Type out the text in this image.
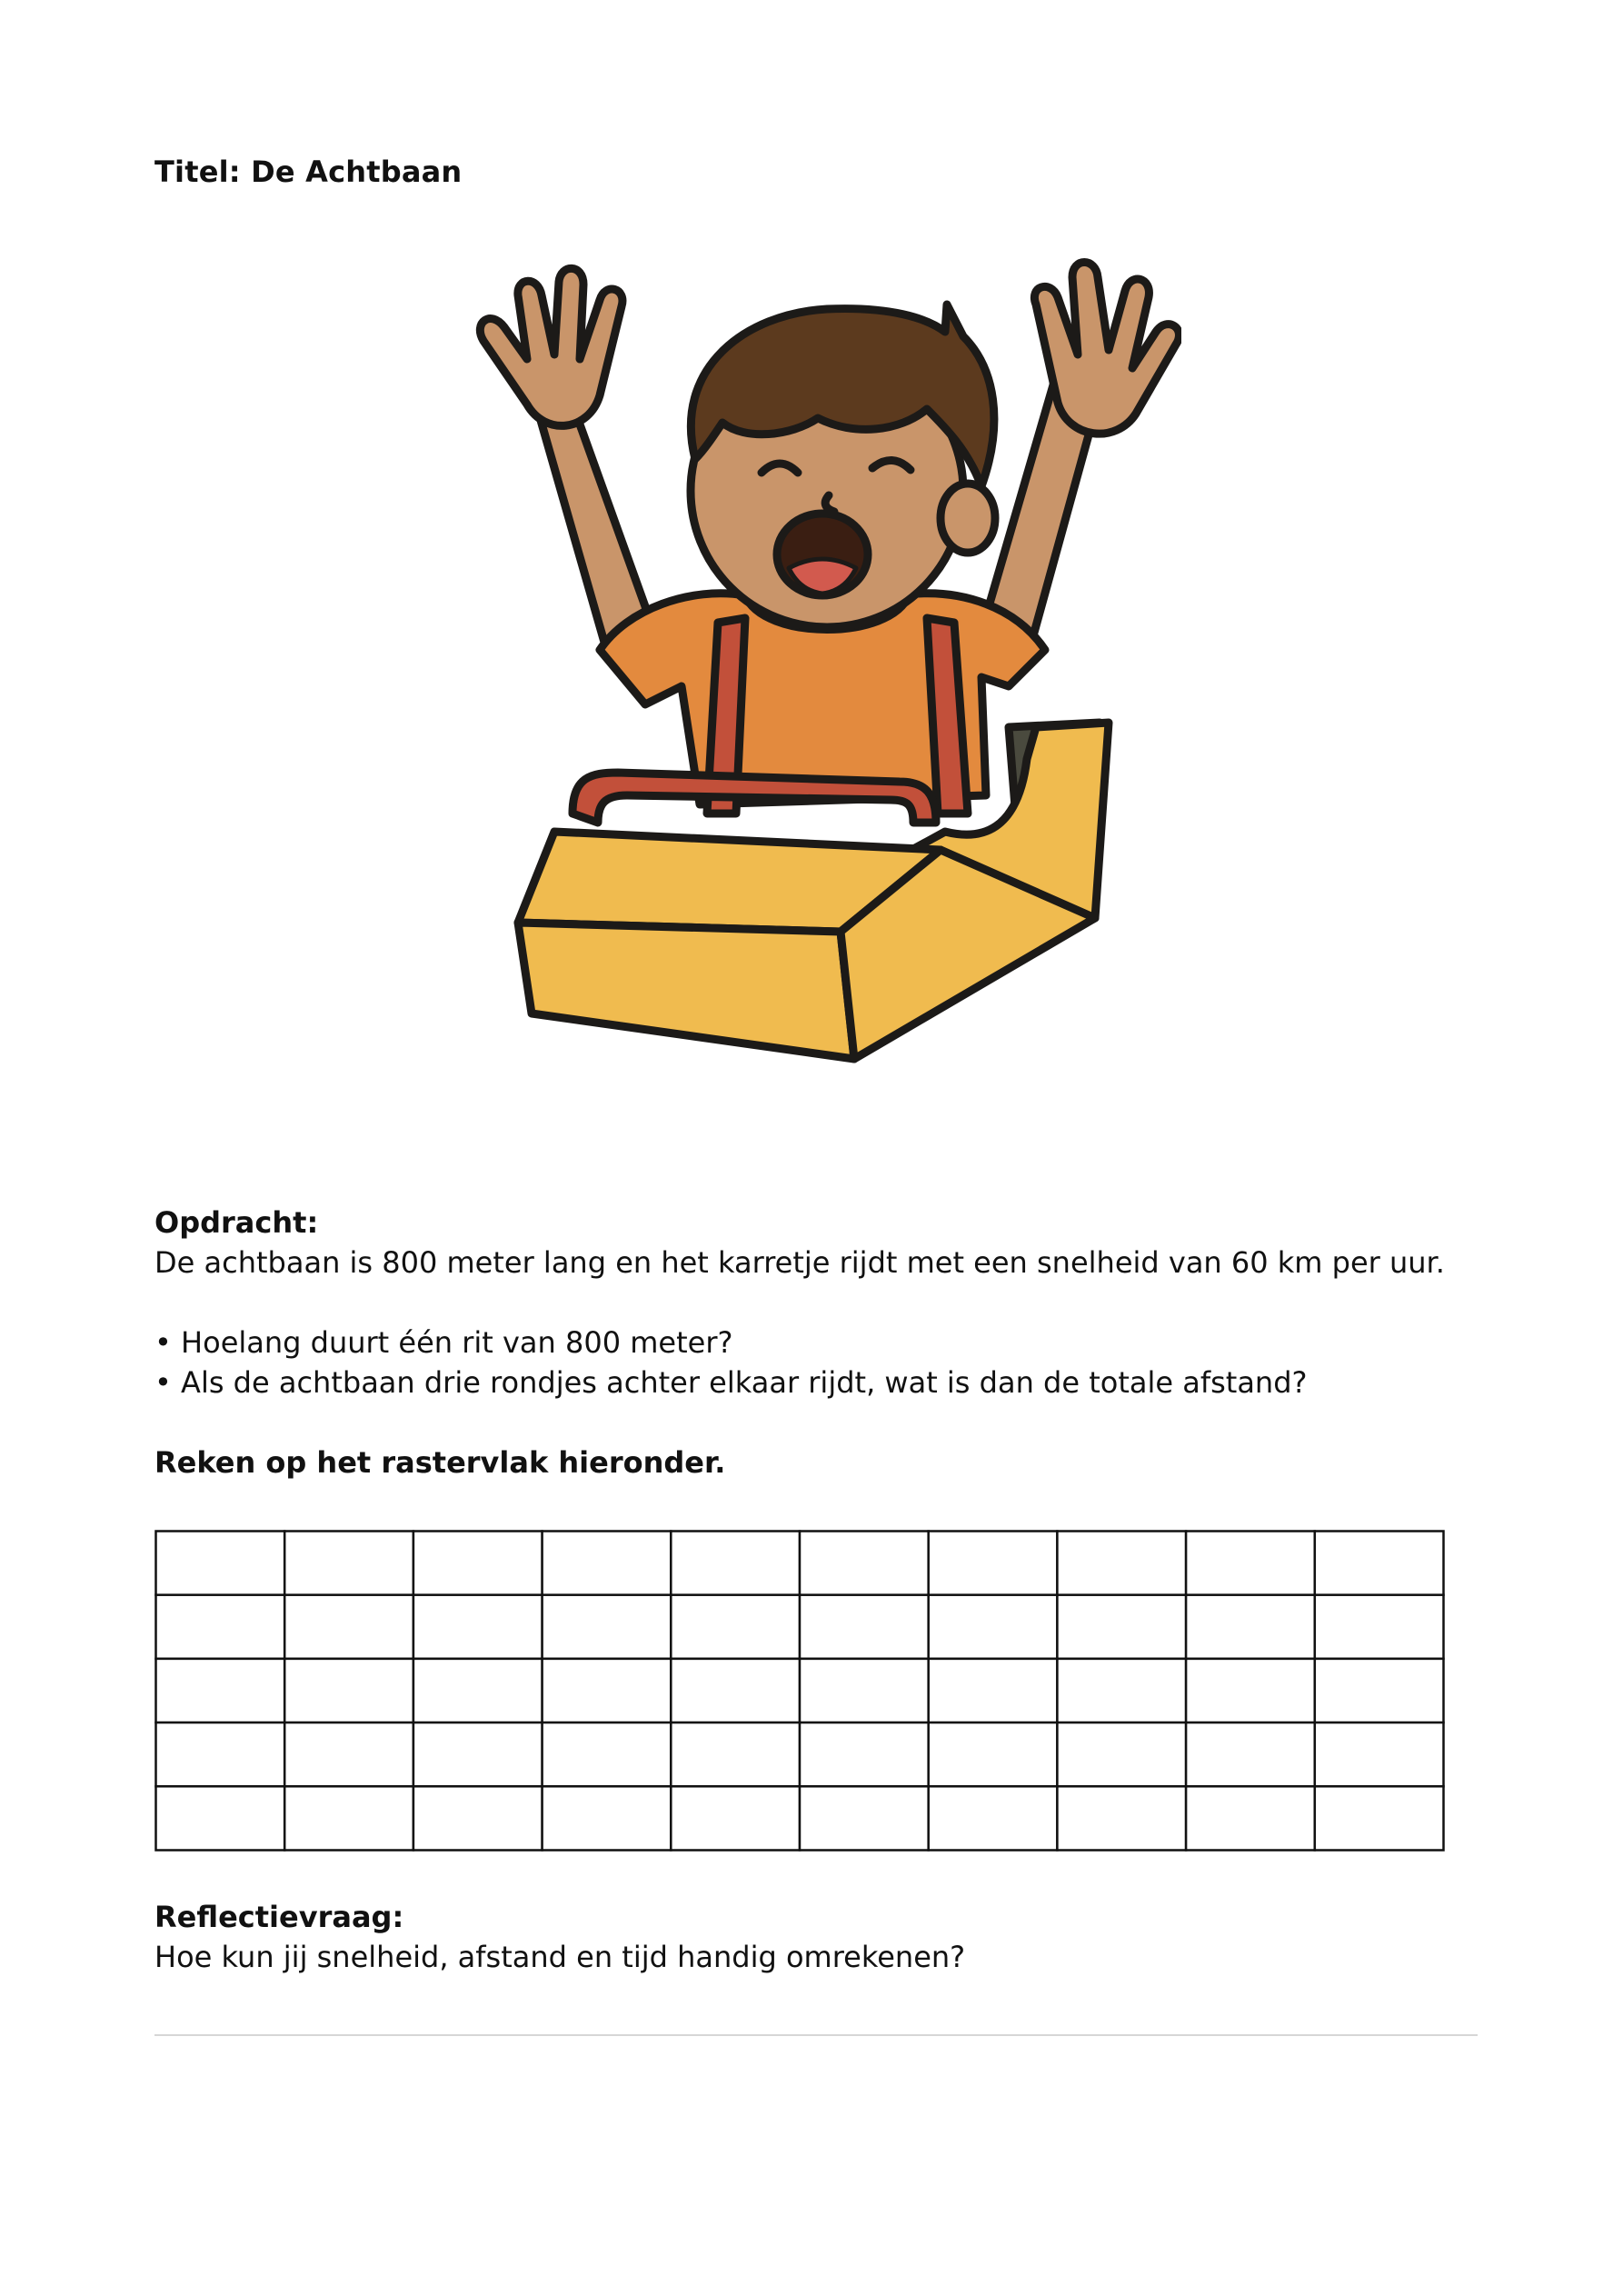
Titel: De Achtbaan
Opdracht:
De achtbaan is 800 meter lang en het karretje rijdt met een snelheid van 60 km per uur.
• Hoelang duurt één rit van 800 meter?
• Als de achtbaan drie rondjes achter elkaar rijdt, wat is dan de totale afstand?
Reken op het rastervlak hieronder.
Reflectievraag:
Hoe kun jij snelheid, afstand en tijd handig omrekenen?
